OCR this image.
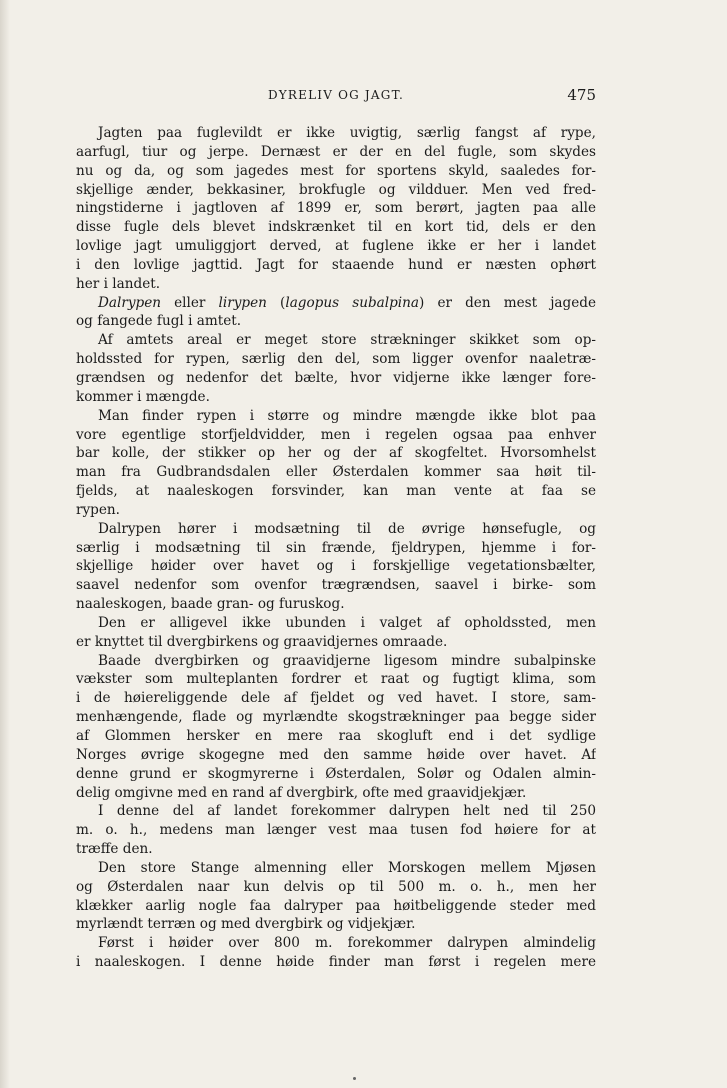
DYRELIV OG JAGT.	475
Jagten paa fuglevildt er ikke uvigtig, særlig fangst af rype,
aarfugl, tiur og jerpe. Dernæst er der en del fugle, som skydes
nu og da, og som jagedes mest for sportens skyld, saaledes for-
skjellige ænder, bekkasiner, brokfugle og vildduer. Men ved fred-
ningstiderne i jagtloven af 1899 er, som berørt, jagten paa alle
disse fugle dels blevet indskrænket til en kort tid, dels er den
lovlige jagt umuliggjort derved, at fuglene ikke er her i landet
i den lovlige jagttid. Jagt for staaende hund er næsten ophørt
her i landet.
Dalrypen eller lirypen (lagopus subalpina) er den mest jagede
og fangede fugl i amtet.
Af amtets areal er meget store strækninger skikket som op-
holdssted for rypen, særlig den del, som ligger ovenfor naaletræ-
grændsen og nedenfor det bælte, hvor vidjerne ikke længer fore-
kommer i mængde.
Man finder rypen i større og mindre mængde ikke blot paa
vore egentlige storfjeldvidder, men i regelen ogsaa paa enhver
bar kolle, der stikker op her og der af skogfeltet. Hvorsomhelst
man fra Gudbrandsdalen eller Østerdalen kommer saa høit til-
fjelds, at naaleskogen forsvinder, kan man vente at faa se
rypen.
Dalrypen hører i modsætning til de øvrige hønsefugle, og
særlig i modsætning til sin frænde, fjeldrypen, hjemme i for-
skjellige høider over havet og i forskjellige vegetationsbælter,
saavel nedenfor som ovenfor trægrændsen, saavel i birke- som
naaleskogen, baade gran- og furuskog.
Den er alligevel ikke ubunden i valget af opholdssted, men
er knyttet til dvergbirkens og graavidjernes omraade.
Baade dvergbirken og graavidjerne ligesom mindre subalpinske
vækster som multeplanten fordrer et raat og fugtigt klima, som
i de høiereliggende dele af fjeldet og ved havet. I store, sam-
menhængende, flade og myrlændte skogstrækninger paa begge sider
af Glommen hersker en mere raa skogluft end i det sydlige
Norges øvrige skogegne med den samme høide over havet. Af
denne grund er skogmyrerne i Østerdalen, Solør og Odalen almin-
delig omgivne med en rand af dvergbirk, ofte med graavidjekjær.
I denne del af landet forekommer dalrypen helt ned til 250
m. o. h., medens man længer vest maa tusen fod høiere for at
træffe den.
Den store Stange almenning eller Morskogen mellem Mjøsen
og Østerdalen naar kun delvis op til 500 m. o. h., men her
klækker aarlig nogle faa dalryper paa høitbeliggende steder med
myrlændt terræn og med dvergbirk og vidjekjær.
Først i høider over 800 m. forekommer dalrypen almindelig
i naaleskogen. I denne høide finder man først i regelen mere
